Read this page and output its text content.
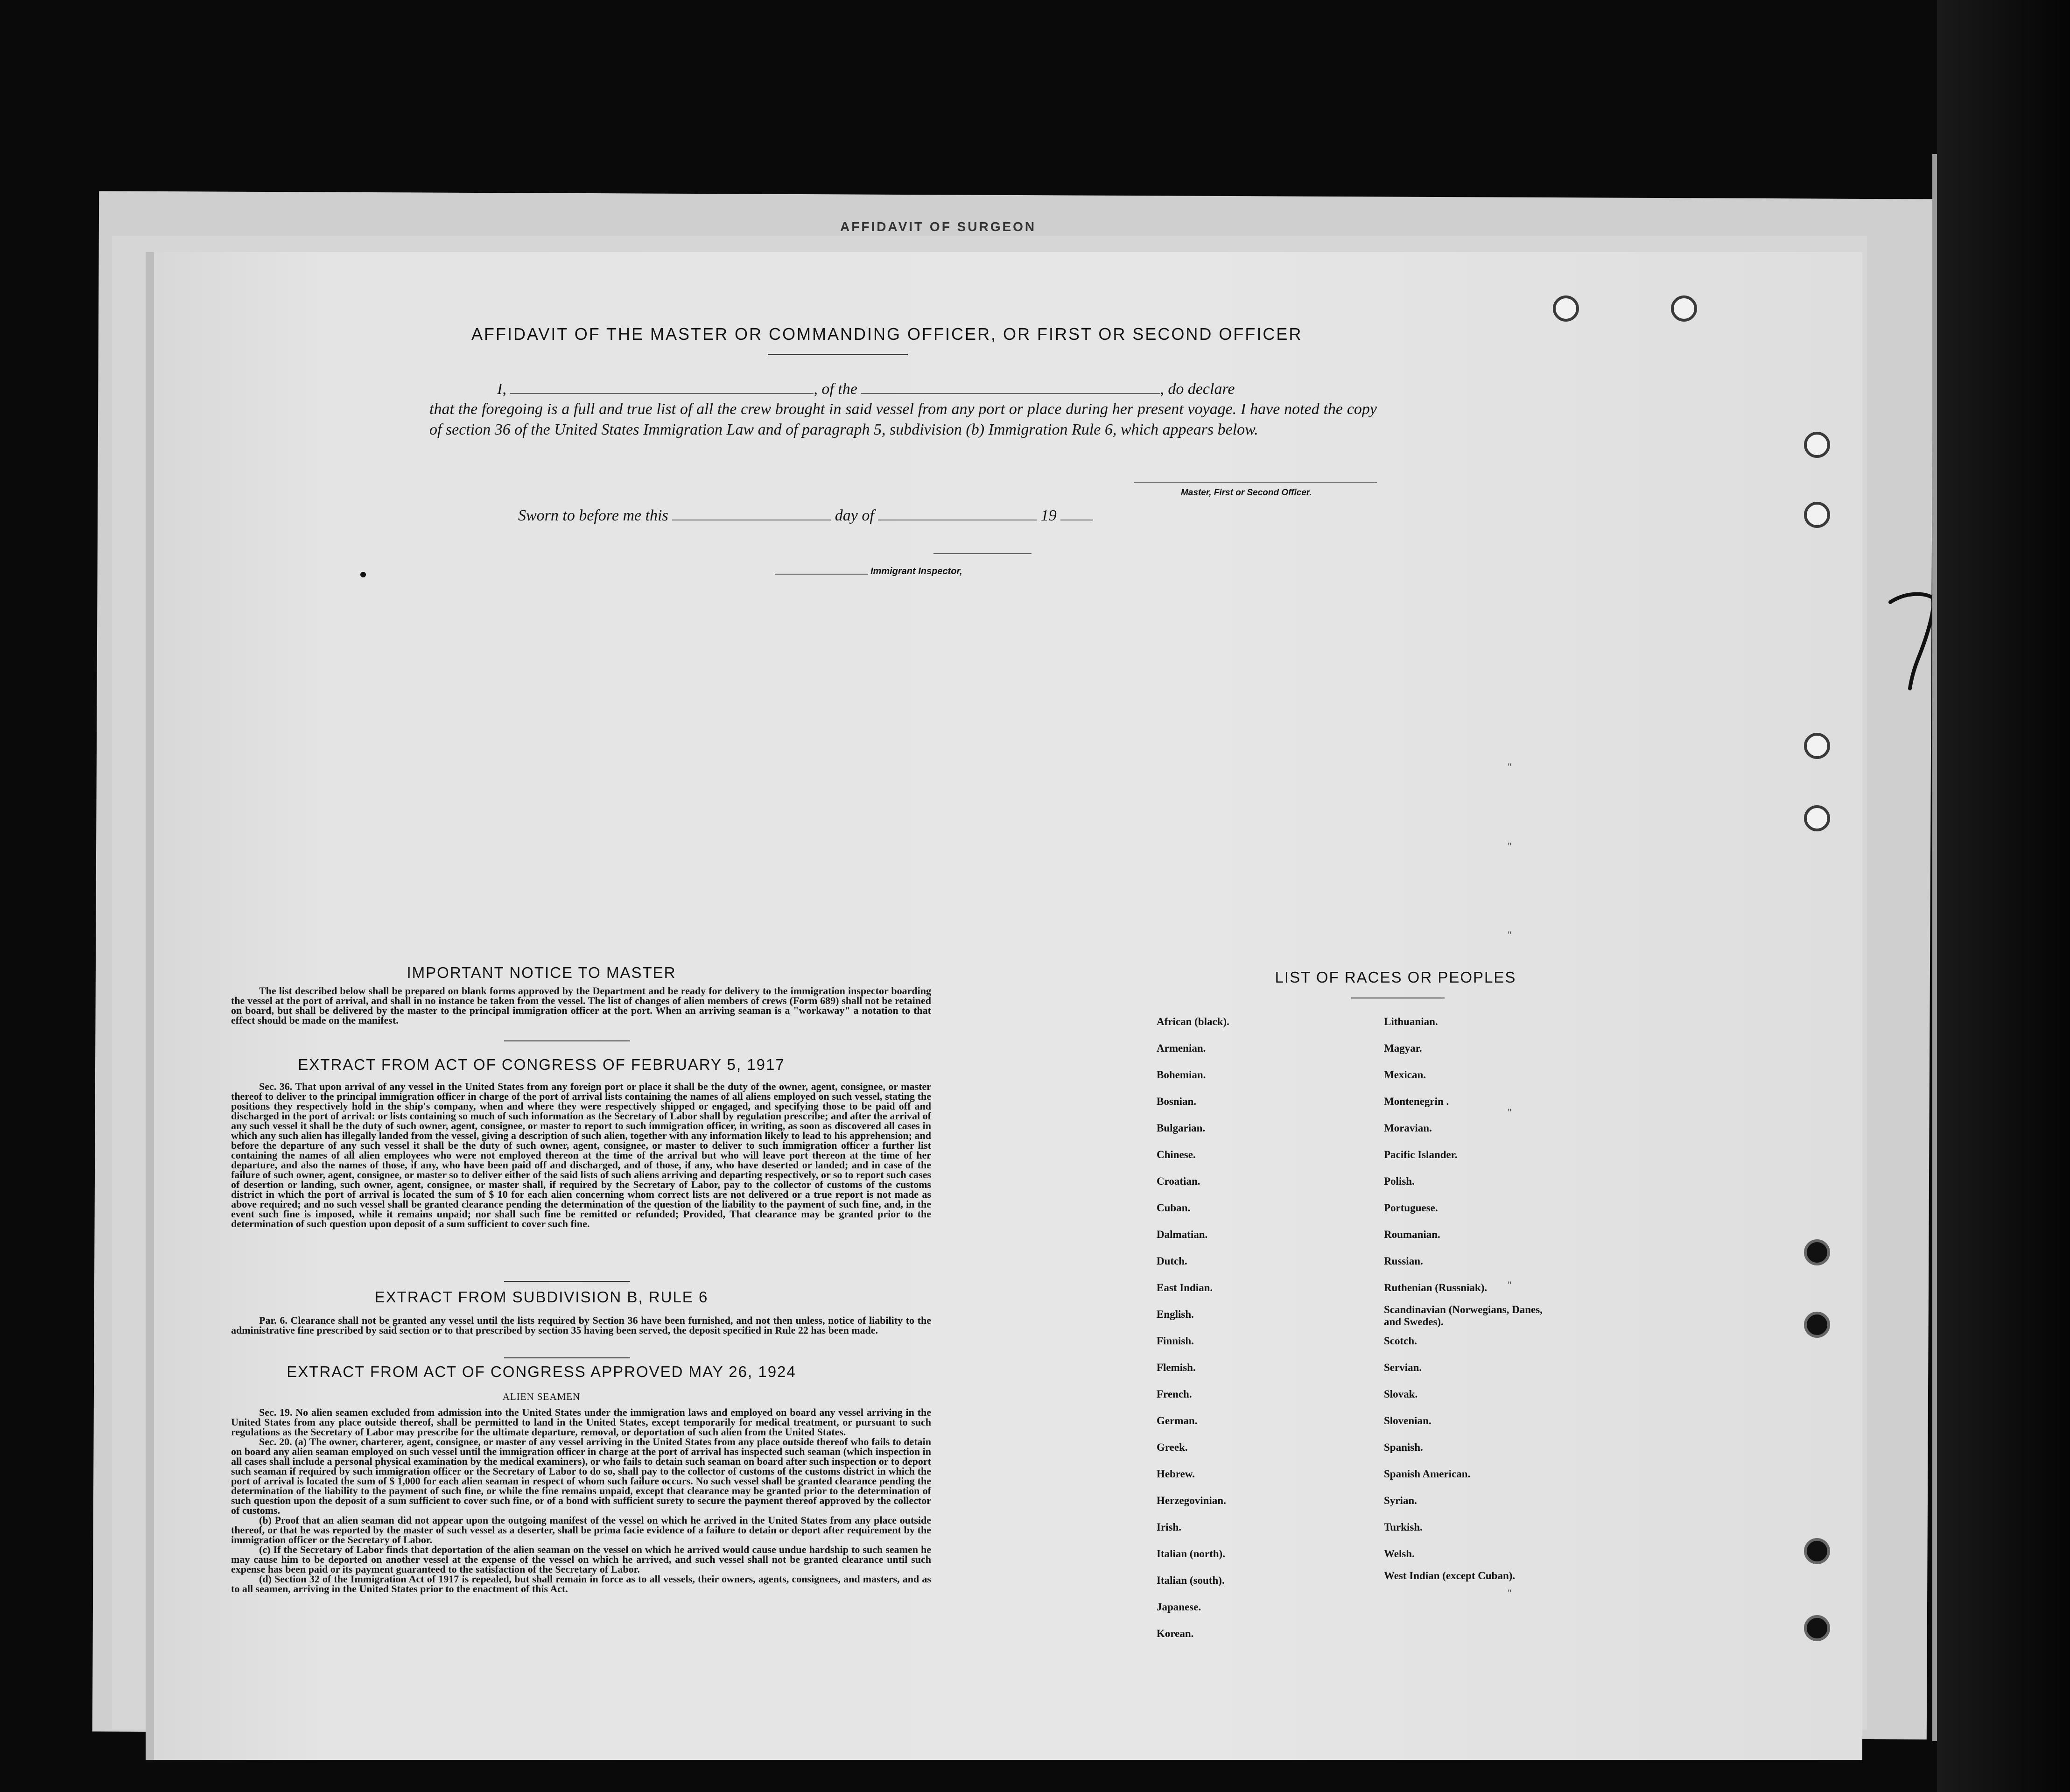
AFFIDAVIT OF SURGEON
AFFIDAVIT OF THE MASTER OR COMMANDING OFFICER, OR FIRST OR SECOND OFFICER
I,	, of the	, do declare
that the foregoing is a full and true list of all the crew brought in said vessel from any port or place during her present voyage. I have noted the copy of section 36 of the United States Immigration Law and of paragraph 5, subdivision (b) Immigration Rule 6, which appears below.
Master, First or Second Officer.
Sworn to before me this	day of	19
Immigrant Inspector,
IMPORTANT NOTICE TO MASTER

The list described below shall be prepared on blank forms approved by the Department and be ready for delivery to the immigration inspector boarding the vessel at the port of arrival, and shall in no instance be taken from the vessel. The list of changes of alien members of crews (Form 689) shall not be retained on board, but shall be delivered by the master to the principal immigration officer at the port. When an arriving seaman is a "workaway" a notation to that effect should be made on the manifest.

EXTRACT FROM ACT OF CONGRESS OF FEBRUARY 5, 1917

Sec. 36. That upon arrival of any vessel in the United States from any foreign port or place it shall be the duty of the owner, agent, consignee, or master thereof to deliver to the principal immigration officer in charge of the port of arrival lists containing the names of all aliens employed on such vessel, stating the positions they respectively hold in the ship's company, when and where they were respectively shipped or engaged, and specifying those to be paid off and discharged in the port of arrival: or lists containing so much of such information as the Secretary of Labor shall by regulation prescribe; and after the arrival of any such vessel it shall be the duty of such owner, agent, consignee, or master to report to such immigration officer, in writing, as soon as discovered all cases in which any such alien has illegally landed from the vessel, giving a description of such alien, together with any information likely to lead to his apprehension; and before the departure of any such vessel it shall be the duty of such owner, agent, consignee, or master to deliver to such immigration officer a further list containing the names of all alien employees who were not employed thereon at the time of the arrival but who will leave port thereon at the time of her departure, and also the names of those, if any, who have been paid off and discharged, and of those, if any, who have deserted or landed; and in case of the failure of such owner, agent, consignee, or master so to deliver either of the said lists of such aliens arriving and departing respectively, or so to report such cases of desertion or landing, such owner, agent, consignee, or master shall, if required by the Secretary of Labor, pay to the collector of customs of the customs district in which the port of arrival is located the sum of $ 10 for each alien concerning whom correct lists are not delivered or a true report is not made as above required; and no such vessel shall be granted clearance pending the determination of the question of the liability to the payment of such fine, and, in the event such fine is imposed, while it remains unpaid; nor shall such fine be remitted or refunded; Provided, That clearance may be granted prior to the determination of such question upon deposit of a sum sufficient to cover such fine.

EXTRACT FROM SUBDIVISION B, RULE 6

Par. 6. Clearance shall not be granted any vessel until the lists required by Section 36 have been furnished, and not then unless, notice of liability to the administrative fine prescribed by said section or to that prescribed by section 35 having been served, the deposit specified in Rule 22 has been made.

EXTRACT FROM ACT OF CONGRESS APPROVED MAY 26, 1924
ALIEN SEAMEN

Sec. 19. No alien seamen excluded from admission into the United States under the immigration laws and employed on board any vessel arriving in the United States from any place outside thereof, shall be permitted to land in the United States, except temporarily for medical treatment, or pursuant to such regulations as the Secretary of Labor may prescribe for the ultimate departure, removal, or deportation of such alien from the United States.

Sec. 20. (a) The owner, charterer, agent, consignee, or master of any vessel arriving in the United States from any place outside thereof who fails to detain on board any alien seaman employed on such vessel until the immigration officer in charge at the port of arrival has inspected such seaman (which inspection in all cases shall include a personal physical examination by the medical examiners), or who fails to detain such seaman on board after such inspection or to deport such seaman if required by such immigration officer or the Secretary of Labor to do so, shall pay to the collector of customs of the customs district in which the port of arrival is located the sum of $ 1,000 for each alien seaman in respect of whom such failure occurs. No such vessel shall be granted clearance pending the determination of the liability to the payment of such fine, or while the fine remains unpaid, except that clearance may be granted prior to the determination of such question upon the deposit of a sum sufficient to cover such fine, or of a bond with sufficient surety to secure the payment thereof approved by the collector of customs.

(b) Proof that an alien seaman did not appear upon the outgoing manifest of the vessel on which he arrived in the United States from any place outside thereof, or that he was reported by the master of such vessel as a deserter, shall be prima facie evidence of a failure to detain or deport after requirement by the immigration officer or the Secretary of Labor.

(c) If the Secretary of Labor finds that deportation of the alien seaman on the vessel on which he arrived would cause undue hardship to such seamen he may cause him to be deported on another vessel at the expense of the vessel on which he arrived, and such vessel shall not be granted clearance until such expense has been paid or its payment guaranteed to the satisfaction of the Secretary of Labor.

(d) Section 32 of the Immigration Act of 1917 is repealed, but shall remain in force as to all vessels, their owners, agents, consignees, and masters, and as to all seamen, arriving in the United States prior to the enactment of this Act.

LIST OF RACES OR PEOPLES
African (black).
Armenian.
Bohemian.
Bosnian.
Bulgarian.
Chinese.
Croatian.
Cuban.
Dalmatian.
Dutch.
East Indian.
English.
Finnish.
Flemish.
French.
German.
Greek.
Hebrew.
Herzegovinian.
Irish.
Italian (north).
Italian (south).
Japanese.
Korean.
Lithuanian.
Magyar.
Mexican.
Montenegrin .
Moravian.
Pacific Islander.
Polish.
Portuguese.
Roumanian.
Russian.
Ruthenian (Russniak).
Scandinavian (Norwegians, Danes, and Swedes).
Scotch.
Servian.
Slovak.
Slovenian.
Spanish.
Spanish American.
Syrian.
Turkish.
Welsh.
West Indian (except Cuban).
"
"
"
"
"
"
